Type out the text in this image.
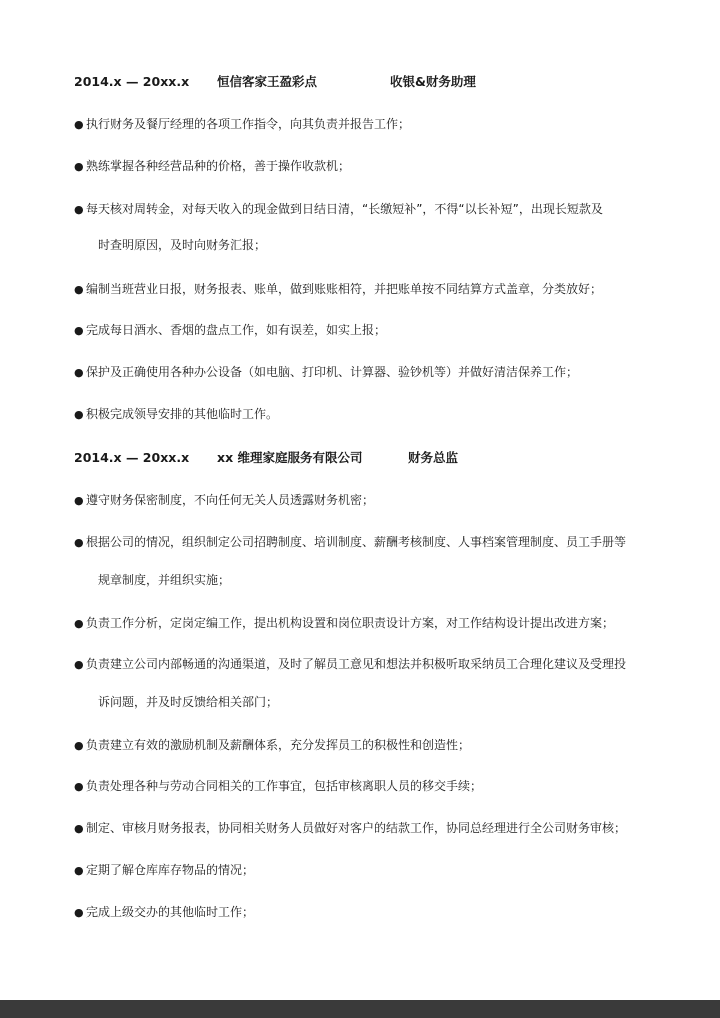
2014.x — 20xx.x 恒信客家王盈彩点	收银&财务助理
● 执行财务及餐厅经理的各项工作指令，向其负责并报告工作；
● 熟练掌握各种经营品种的价格，善于操作收款机；
● 每天核对周转金，对每天收入的现金做到日结日清，“长缴短补”，不得“以长补短”，出现长短款及
时查明原因，及时向财务汇报；
● 编制当班营业日报，财务报表、账单，做到账账相符，并把账单按不同结算方式盖章，分类放好；
● 完成每日酒水、香烟的盘点工作，如有误差，如实上报；
● 保护及正确使用各种办公设备（如电脑、打印机、计算器、验钞机等）并做好清洁保养工作；
● 积极完成领导安排的其他临时工作。
2014.x — 20xx.x xx 维理家庭服务有限公司	财务总监
● 遵守财务保密制度，不向任何无关人员透露财务机密；
● 根据公司的情况，组织制定公司招聘制度、培训制度、薪酬考核制度、人事档案管理制度、员工手册等
规章制度，并组织实施；
● 负责工作分析，定岗定编工作，提出机构设置和岗位职责设计方案，对工作结构设计提出改进方案；
● 负责建立公司内部畅通的沟通渠道，及时了解员工意见和想法并积极听取采纳员工合理化建议及受理投
诉问题，并及时反馈给相关部门；
● 负责建立有效的激励机制及薪酬体系，充分发挥员工的积极性和创造性；
● 负责处理各种与劳动合同相关的工作事宜，包括审核离职人员的移交手续；
● 制定、审核月财务报表，协同相关财务人员做好对客户的结款工作，协同总经理进行全公司财务审核；
● 定期了解仓库库存物品的情况；
● 完成上级交办的其他临时工作；
